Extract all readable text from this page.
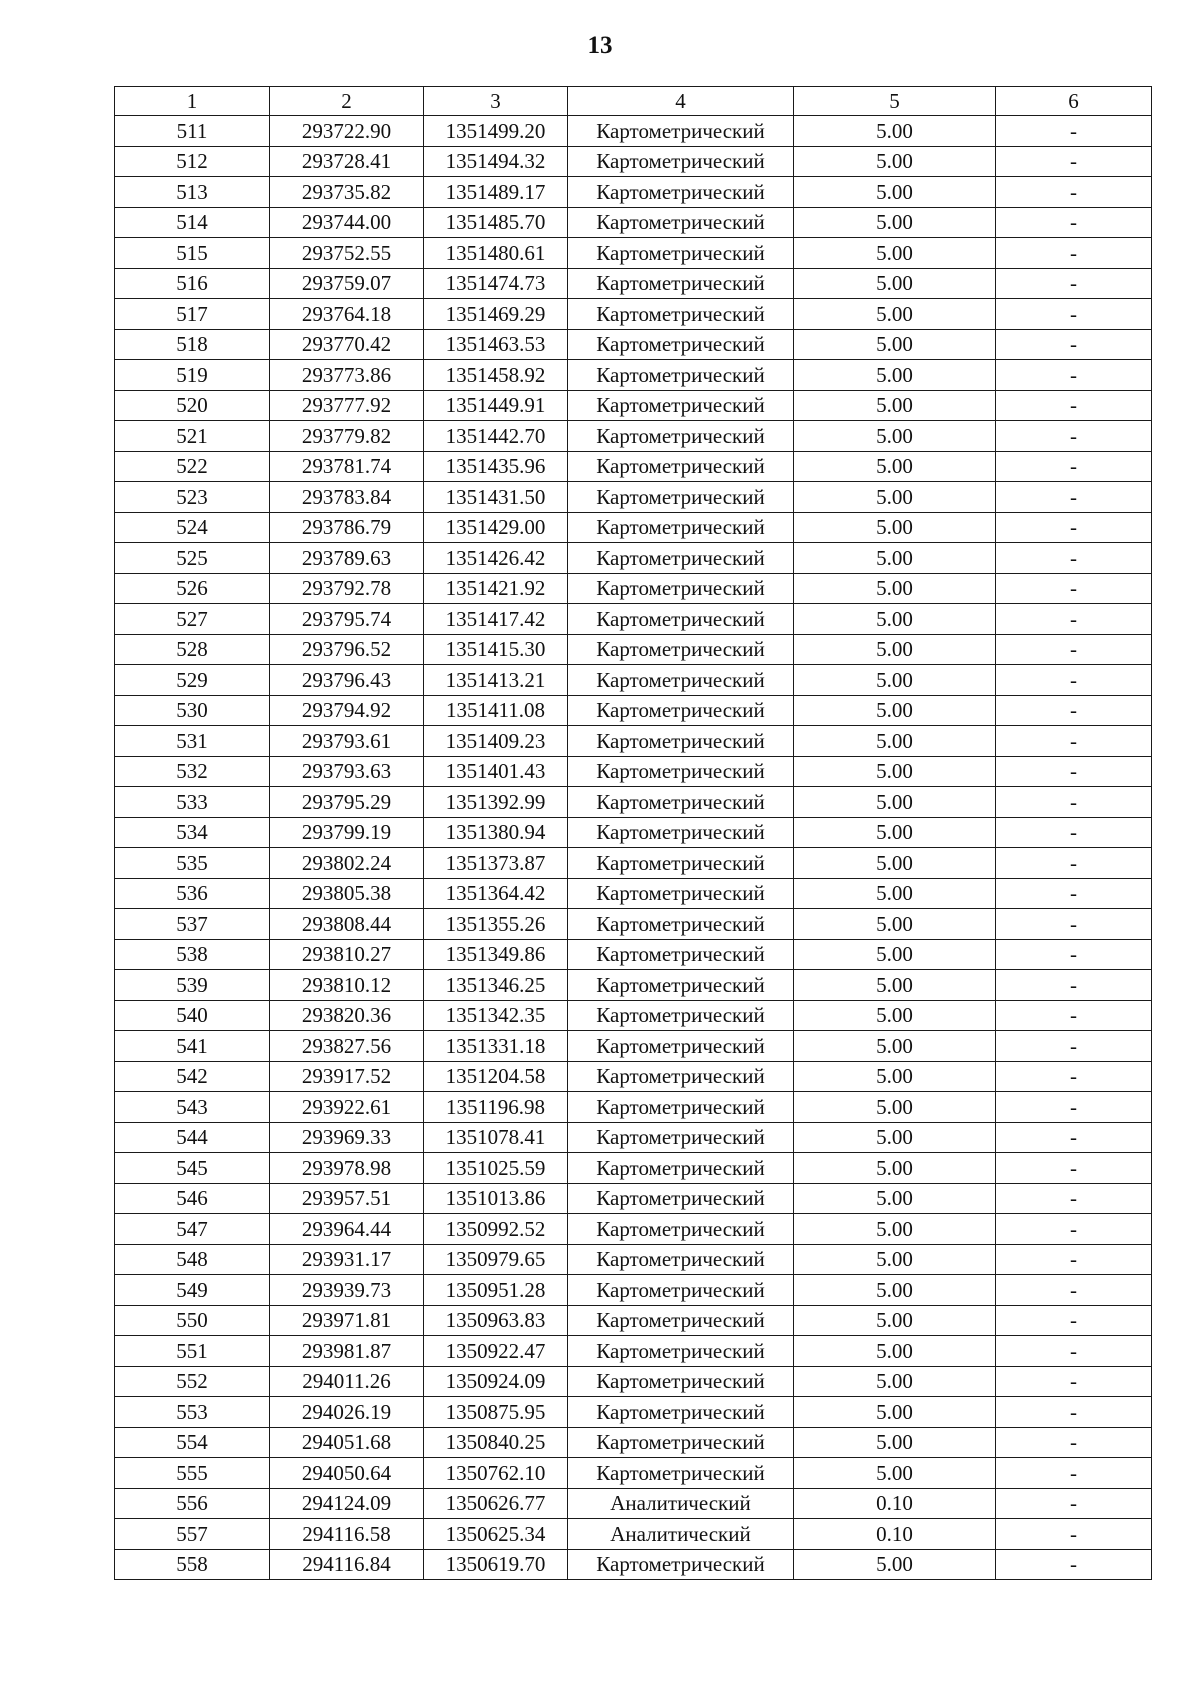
13
1	2	3	4	5	6
511	293722.90	1351499.20	Картометрический	5.00	-
512	293728.41	1351494.32	Картометрический	5.00	-
513	293735.82	1351489.17	Картометрический	5.00	-
514	293744.00	1351485.70	Картометрический	5.00	-
515	293752.55	1351480.61	Картометрический	5.00	-
516	293759.07	1351474.73	Картометрический	5.00	-
517	293764.18	1351469.29	Картометрический	5.00	-
518	293770.42	1351463.53	Картометрический	5.00	-
519	293773.86	1351458.92	Картометрический	5.00	-
520	293777.92	1351449.91	Картометрический	5.00	-
521	293779.82	1351442.70	Картометрический	5.00	-
522	293781.74	1351435.96	Картометрический	5.00	-
523	293783.84	1351431.50	Картометрический	5.00	-
524	293786.79	1351429.00	Картометрический	5.00	-
525	293789.63	1351426.42	Картометрический	5.00	-
526	293792.78	1351421.92	Картометрический	5.00	-
527	293795.74	1351417.42	Картометрический	5.00	-
528	293796.52	1351415.30	Картометрический	5.00	-
529	293796.43	1351413.21	Картометрический	5.00	-
530	293794.92	1351411.08	Картометрический	5.00	-
531	293793.61	1351409.23	Картометрический	5.00	-
532	293793.63	1351401.43	Картометрический	5.00	-
533	293795.29	1351392.99	Картометрический	5.00	-
534	293799.19	1351380.94	Картометрический	5.00	-
535	293802.24	1351373.87	Картометрический	5.00	-
536	293805.38	1351364.42	Картометрический	5.00	-
537	293808.44	1351355.26	Картометрический	5.00	-
538	293810.27	1351349.86	Картометрический	5.00	-
539	293810.12	1351346.25	Картометрический	5.00	-
540	293820.36	1351342.35	Картометрический	5.00	-
541	293827.56	1351331.18	Картометрический	5.00	-
542	293917.52	1351204.58	Картометрический	5.00	-
543	293922.61	1351196.98	Картометрический	5.00	-
544	293969.33	1351078.41	Картометрический	5.00	-
545	293978.98	1351025.59	Картометрический	5.00	-
546	293957.51	1351013.86	Картометрический	5.00	-
547	293964.44	1350992.52	Картометрический	5.00	-
548	293931.17	1350979.65	Картометрический	5.00	-
549	293939.73	1350951.28	Картометрический	5.00	-
550	293971.81	1350963.83	Картометрический	5.00	-
551	293981.87	1350922.47	Картометрический	5.00	-
552	294011.26	1350924.09	Картометрический	5.00	-
553	294026.19	1350875.95	Картометрический	5.00	-
554	294051.68	1350840.25	Картометрический	5.00	-
555	294050.64	1350762.10	Картометрический	5.00	-
556	294124.09	1350626.77	Аналитический	0.10	-
557	294116.58	1350625.34	Аналитический	0.10	-
558	294116.84	1350619.70	Картометрический	5.00	-
